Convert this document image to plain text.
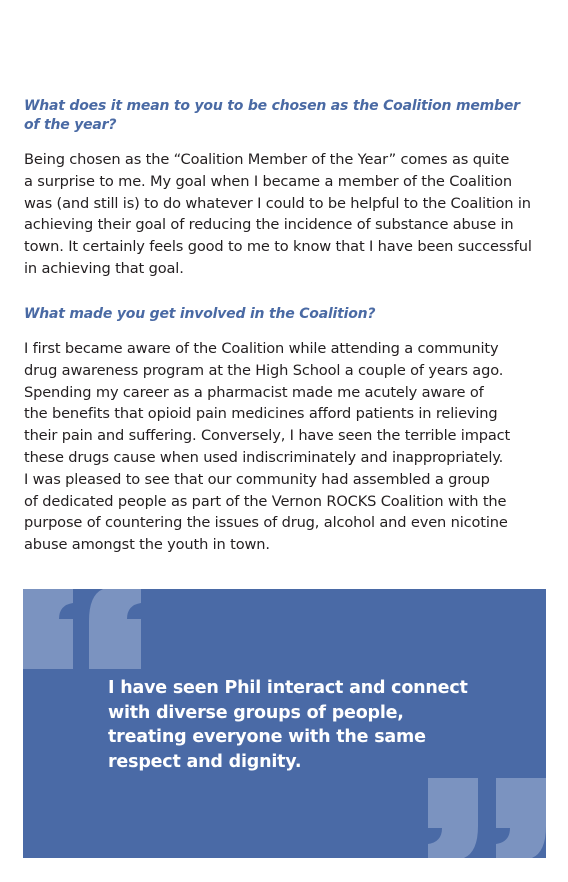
What does it mean to you to be chosen as the Coalition member
of the year?

Being chosen as the “Coalition Member of the Year” comes as quite
a surprise to me. My goal when I became a member of the Coalition
was (and still is) to do whatever I could to be helpful to the Coalition in
achieving their goal of reducing the incidence of substance abuse in
town. It certainly feels good to me to know that I have been successful
in achieving that goal.

What made you get involved in the Coalition?

I first became aware of the Coalition while attending a community
drug awareness program at the High School a couple of years ago.
Spending my career as a pharmacist made me acutely aware of
the benefits that opioid pain medicines afford patients in relieving
their pain and suffering. Conversely, I have seen the terrible impact
these drugs cause when used indiscriminately and inappropriately.
I was pleased to see that our community had assembled a group
of dedicated people as part of the Vernon ROCKS Coalition with the
purpose of countering the issues of drug, alcohol and even nicotine
abuse amongst the youth in town.

I have seen Phil interact and connect
with diverse groups of people,
treating everyone with the same
respect and dignity.
